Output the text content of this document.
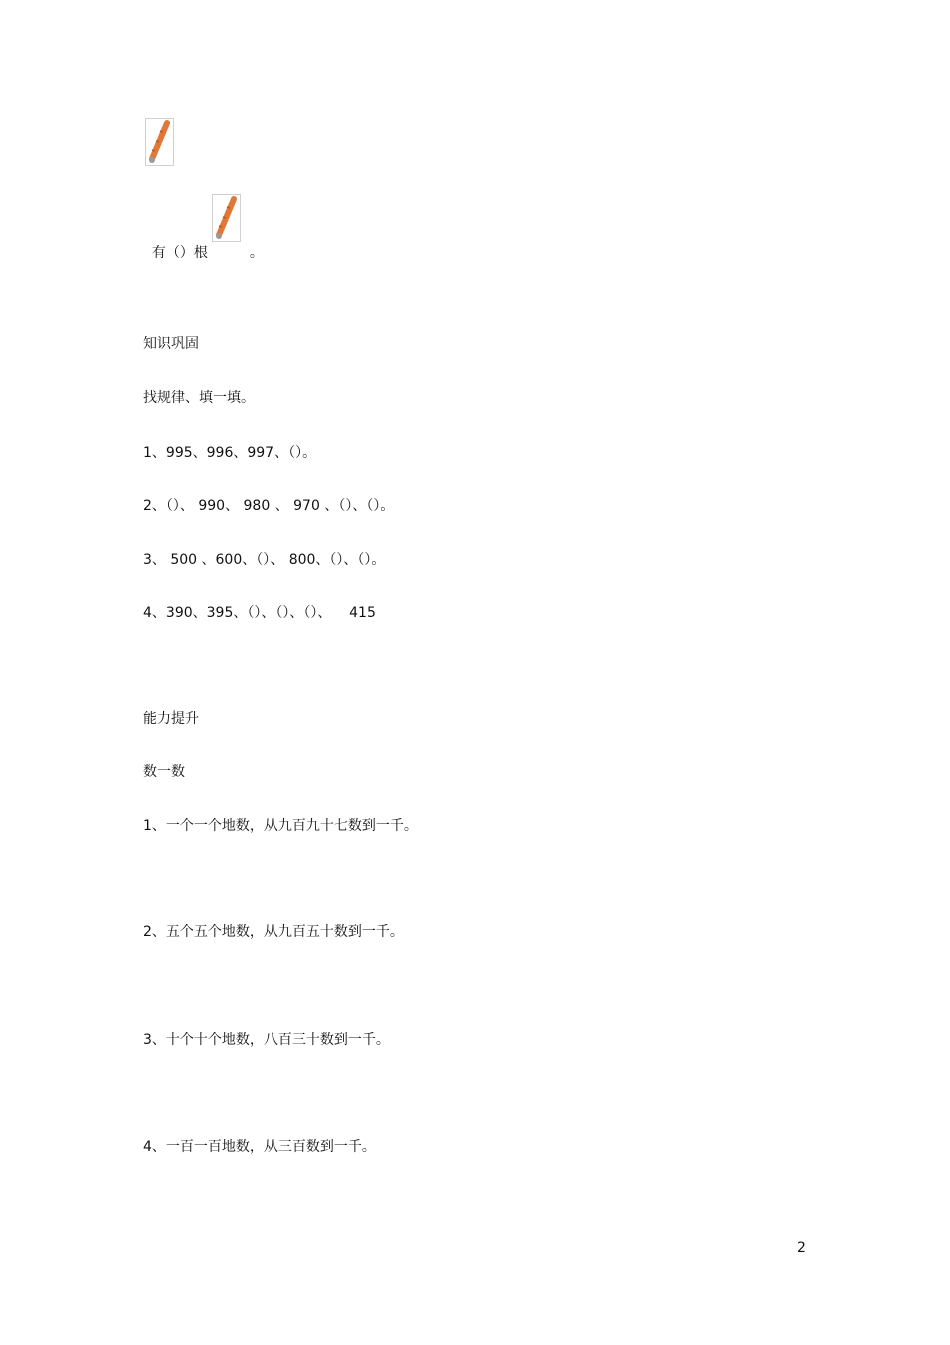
有（）根	。

知识巩固
找规律、填一填。
1、995、996、997、（）。
2、（）、 990、 980 、 970 、（）、（）。
3、 500 、600、（）、 800、（）、（）。
4、390、395、（）、（）、（）、    415
能力提升
数一数
1、一个一个地数，从九百九十七数到一千。
2、五个五个地数，从九百五十数到一千。
3、十个十个地数，八百三十数到一千。
4、一百一百地数，从三百数到一千。
2
